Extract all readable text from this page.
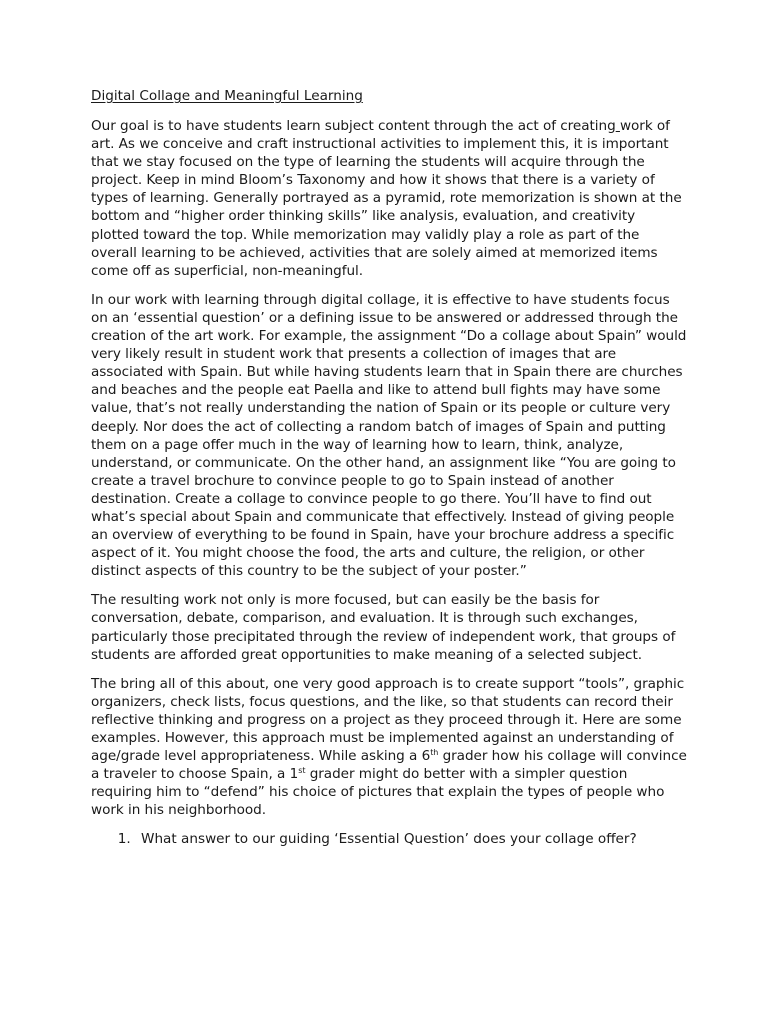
Digital Collage and Meaningful Learning

Our goal is to have students learn subject content through the act of creating work of art. As we conceive and craft instructional activities to implement this, it is important that we stay focused on the type of learning the students will acquire through the project. Keep in mind Bloom’s Taxonomy and how it shows that there is a variety of types of learning. Generally portrayed as a pyramid, rote memorization is shown at the bottom and “higher order thinking skills” like analysis, evaluation, and creativity plotted toward the top. While memorization may validly play a role as part of the overall learning to be achieved, activities that are solely aimed at memorized items come off as superficial, non-meaningful.

In our work with learning through digital collage, it is effective to have students focus on an ‘essential question’ or a defining issue to be answered or addressed through the creation of the art work. For example, the assignment “Do a collage about Spain” would very likely result in student work that presents a collection of images that are associated with Spain. But while having students learn that in Spain there are churches and beaches and the people eat Paella and like to attend bull fights may have some value, that’s not really understanding the nation of Spain or its people or culture very deeply. Nor does the act of collecting a random batch of images of Spain and putting them on a page offer much in the way of learning how to learn, think, analyze, understand, or communicate. On the other hand, an assignment like “You are going to create a travel brochure to convince people to go to Spain instead of another destination. Create a collage to convince people to go there. You’ll have to find out what’s special about Spain and communicate that effectively. Instead of giving people an overview of everything to be found in Spain, have your brochure address a specific aspect of it. You might choose the food, the arts and culture, the religion, or other distinct aspects of this country to be the subject of your poster.”

The resulting work not only is more focused, but can easily be the basis for conversation, debate, comparison, and evaluation. It is through such exchanges, particularly those precipitated through the review of independent work, that groups of students are afforded great opportunities to make meaning of a selected subject.

The bring all of this about, one very good approach is to create support “tools”, graphic organizers, check lists, focus questions, and the like, so that students can record their reflective thinking and progress on a project as they proceed through it. Here are some examples. However, this approach must be implemented against an understanding of age/grade level appropriateness. While asking a 6th grader how his collage will convince a traveler to choose Spain, a 1st grader might do better with a simpler question requiring him to “defend” his choice of pictures that explain the types of people who work in his neighborhood.

1. What answer to our guiding ‘Essential Question’ does your collage offer?
